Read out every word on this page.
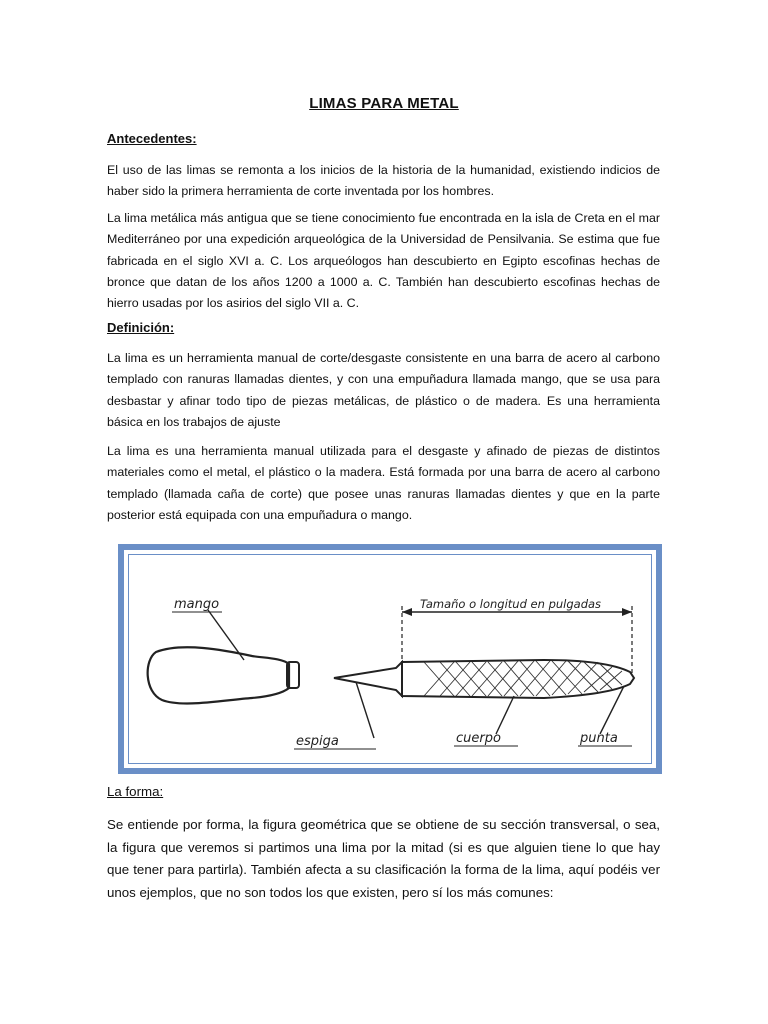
LIMAS PARA METAL
Antecedentes:

El uso de las limas se remonta a los inicios de la historia de la humanidad, existiendo indicios de haber sido la primera herramienta de corte inventada por los hombres.

La lima metálica más antigua que se tiene conocimiento fue encontrada en la isla de Creta en el mar Mediterráneo por una expedición arqueológica de la Universidad de Pensilvania. Se estima que fue fabricada en el siglo XVI a. C. Los arqueólogos han descubierto en Egipto escofinas hechas de bronce que datan de los años 1200 a 1000 a. C. También han descubierto escofinas hechas de hierro usadas por los asirios del siglo VII a. C.

Definición:

La lima es un herramienta manual de corte/desgaste consistente en una barra de acero al carbono templado con ranuras llamadas dientes, y con una empuñadura llamada mango, que se usa para desbastar y afinar todo tipo de piezas metálicas, de plástico o de madera. Es una herramienta básica en los trabajos de ajuste

La lima es una herramienta manual utilizada para el desgaste y afinado de piezas de distintos materiales como el metal, el plástico o la madera. Está formada por una barra de acero al carbono templado (llamada caña de corte) que posee unas ranuras llamadas dientes y que en la parte posterior está equipada con una empuñadura o mango.

mango	Tamaño o longitud en pulgadas
espiga	cuerpo	punta
La forma:

Se entiende por forma, la figura geométrica que se obtiene de su sección transversal, o sea, la figura que veremos si partimos una lima por la mitad (si es que alguien tiene lo que hay que tener para partirla). También afecta a su clasificación la forma de la lima, aquí podéis ver unos ejemplos, que no son todos los que existen, pero sí los más comunes:
